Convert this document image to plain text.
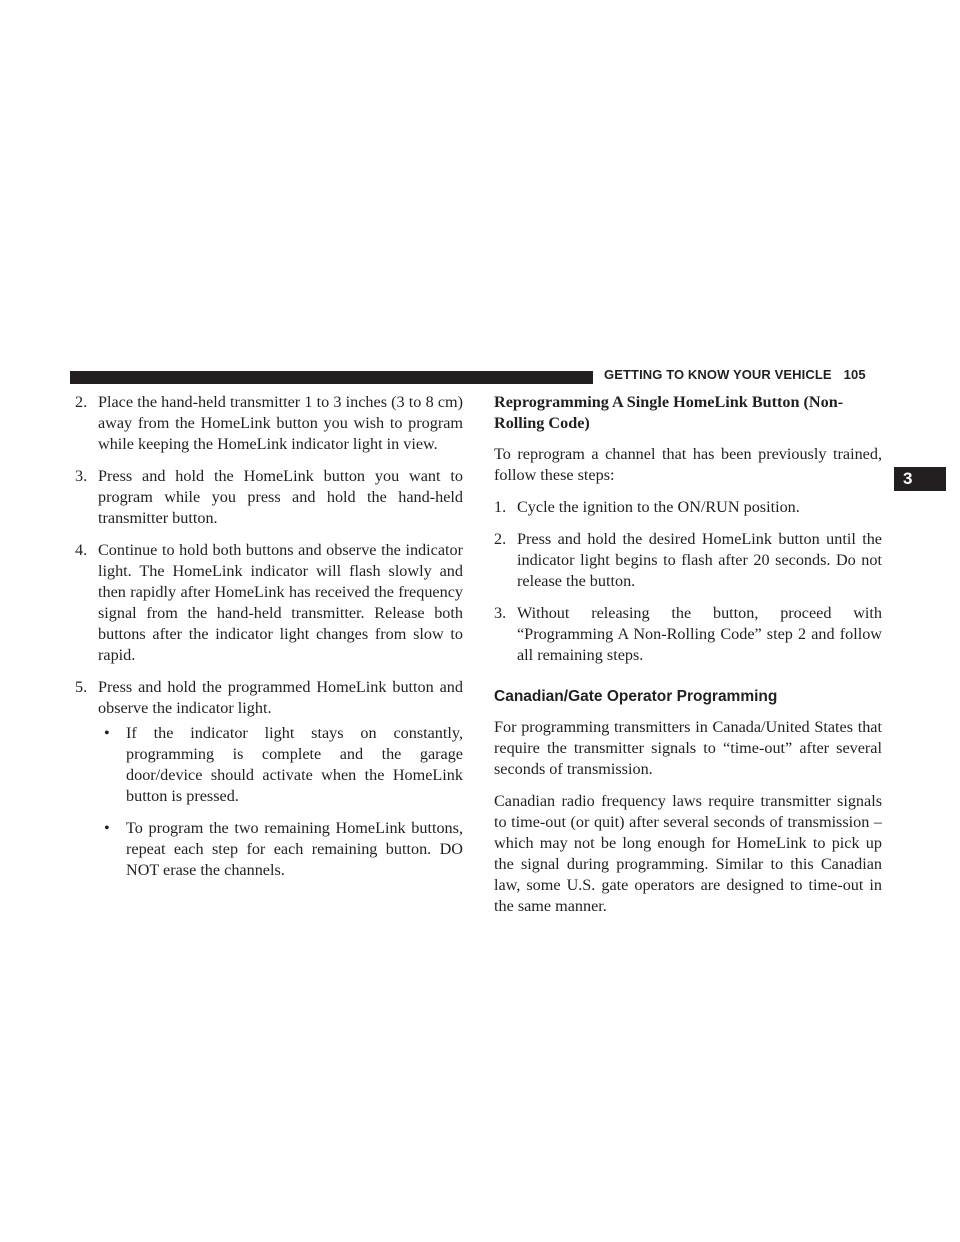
GETTING TO KNOW YOUR VEHICLE 105
3
2. Place the hand-held transmitter 1 to 3 inches (3 to 8 cm) away from the HomeLink button you wish to program while keeping the HomeLink indicator light in view.
3. Press and hold the HomeLink button you want to program while you press and hold the hand-held transmitter button.
4. Continue to hold both buttons and observe the indicator light. The HomeLink indicator will flash slowly and then rapidly after HomeLink has received the frequency signal from the hand-held transmitter. Release both buttons after the indicator light changes from slow to rapid.
5. Press and hold the programmed HomeLink button and observe the indicator light.
• If the indicator light stays on constantly, programming is complete and the garage door/device should activate when the HomeLink button is pressed.
• To program the two remaining HomeLink buttons, repeat each step for each remaining button. DO NOT erase the channels.
Reprogramming A Single HomeLink Button (Non-Rolling Code)

To reprogram a channel that has been previously trained, follow these steps:

1. Cycle the ignition to the ON/RUN position.
2. Press and hold the desired HomeLink button until the indicator light begins to flash after 20 seconds. Do not release the button.
3. Without releasing the button, proceed with “Programming A Non-Rolling Code” step 2 and follow all remaining steps.
Canadian/Gate Operator Programming

For programming transmitters in Canada/United States that require the transmitter signals to “time-out” after several seconds of transmission.

Canadian radio frequency laws require transmitter signals to time-out (or quit) after several seconds of transmission – which may not be long enough for HomeLink to pick up the signal during programming. Similar to this Canadian law, some U.S. gate operators are designed to time-out in the same manner.
